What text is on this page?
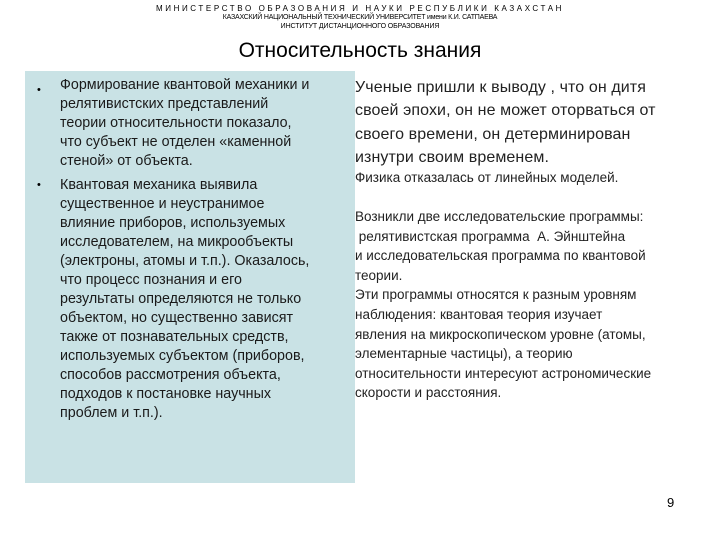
МИНИСТЕРСТВО ОБРАЗОВАНИЯ И НАУКИ РЕСПУБЛИКИ КАЗАХСТАН
КАЗАХСКИЙ НАЦИОНАЛЬНЫЙ ТЕХНИЧЕСКИЙ УНИВЕРСИТЕТ имени К.И. САТПАЕВА
ИНСТИТУТ ДИСТАНЦИОННОГО ОБРАЗОВАНИЯ
Относительность знания
• Формирование квантовой механики и
релятивистских представлений
теории относительности показало,
что субъект не отделен «каменной
стеной» от объекта.
• Квантовая механика выявила
существенное и неустранимое
влияние приборов, используемых
исследователем, на микрообъекты
(электроны, атомы и т.п.). Оказалось,
что процесс познания и его
результаты определяются не только
объектом, но существенно зависят
также от познавательных средств,
используемых субъектом (приборов,
способов рассмотрения объекта,
подходов к постановке научных
проблем и т.п.).
Ученые пришли к выводу , что он дитя
своей эпохи, он не может оторваться от
своего времени, он детерминирован
изнутри своим временем.
Физика отказалась от линейных моделей.
Возникли две исследовательские программы:
релятивистская программа  А. Эйнштейна
и исследовательская программа по квантовой
теории.
Эти программы относятся к разным уровням
наблюдения: квантовая теория изучает
явления на микроскопическом уровне (атомы,
элементарные частицы), а теорию
относительности интересуют астрономические
скорости и расстояния.
9
